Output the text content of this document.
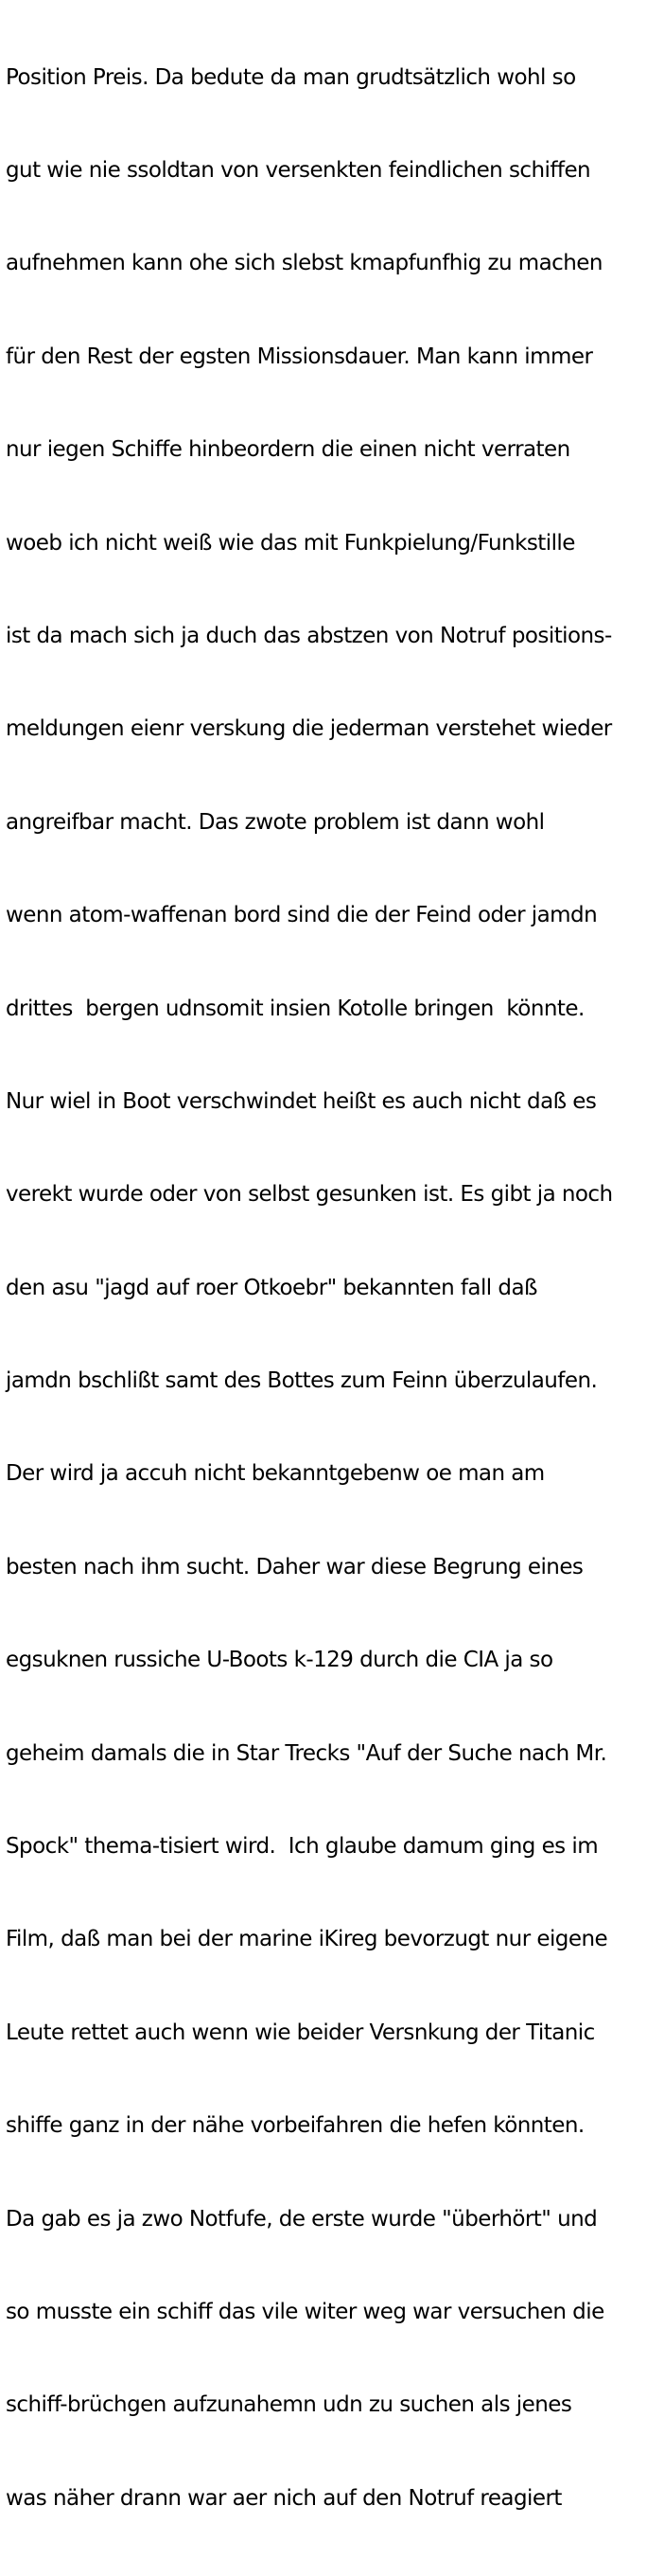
Position Preis. Da bedute da man grudtsätzlich wohl so

gut wie nie ssoldtan von versenkten feindlichen schiffen

aufnehmen kann ohe sich slebst kmapfunfhig zu machen

für den Rest der egsten Missionsdauer. Man kann immer

nur iegen Schiffe hinbeordern die einen nicht verraten

woeb ich nicht weiß wie das mit Funkpielung/Funkstille

ist da mach sich ja duch das abstzen von Notruf positions-

meldungen eienr verskung die jederman verstehet wieder

angreifbar macht. Das zwote problem ist dann wohl

wenn atom-waffenan bord sind die der Feind oder jamdn

drittes  bergen udnsomit insien Kotolle bringen  könnte.

Nur wiel in Boot verschwindet heißt es auch nicht daß es

verekt wurde oder von selbst gesunken ist. Es gibt ja noch

den asu "jagd auf roer Otkoebr" bekannten fall daß

jamdn bschlißt samt des Bottes zum Feinn überzulaufen.

Der wird ja accuh nicht bekanntgebenw oe man am

besten nach ihm sucht. Daher war diese Begrung eines

egsuknen russiche U-Boots k-129 durch die CIA ja so

geheim damals die in Star Trecks "Auf der Suche nach Mr.

Spock" thema-tisiert wird.  Ich glaube damum ging es im

Film, daß man bei der marine iKireg bevorzugt nur eigene

Leute rettet auch wenn wie beider Versnkung der Titanic

shiffe ganz in der nähe vorbeifahren die hefen könnten.

Da gab es ja zwo Notfufe, de erste wurde "überhört" und

so musste ein schiff das vile witer weg war versuchen die

schiff-brüchgen aufzunahemn udn zu suchen als jenes

was näher drann war aer nich auf den Notruf reagiert
